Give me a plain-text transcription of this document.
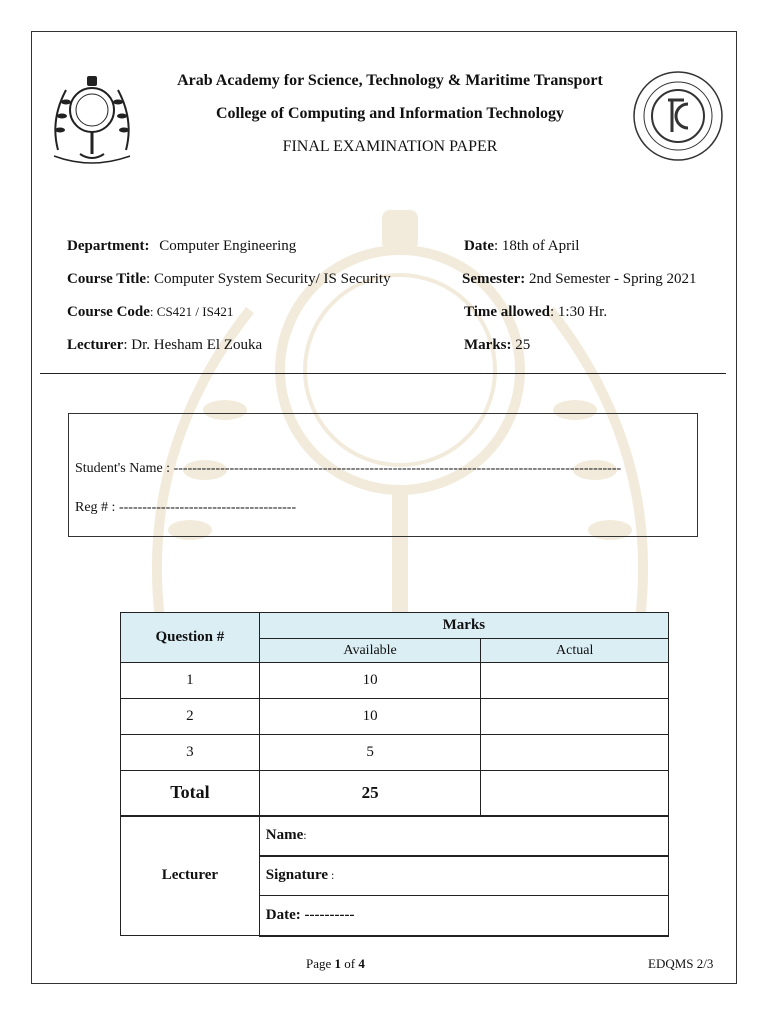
Arab Academy for Science, Technology & Maritime Transport
College of Computing and Information Technology
FINAL EXAMINATION PAPER
Department: Computer Engineering
Course Title: Computer System Security/ IS Security
Course Code: CS421 / IS421
Lecturer: Dr. Hesham El Zouka
Date: 18th of April
Semester: 2nd Semester - Spring 2021
Time allowed: 1:30 Hr.
Marks: 25
Student's Name : ------------------------------------------------------------------------------------------------
Reg # : --------------------------------------
Question #	Marks	
	Available	Actual
1	10	
2	10	
3	5	
Total	25	
Lecturer	Name:	
	Signature :	
	Date: ----------	
Page 1 of 4	EDQMS 2/3
